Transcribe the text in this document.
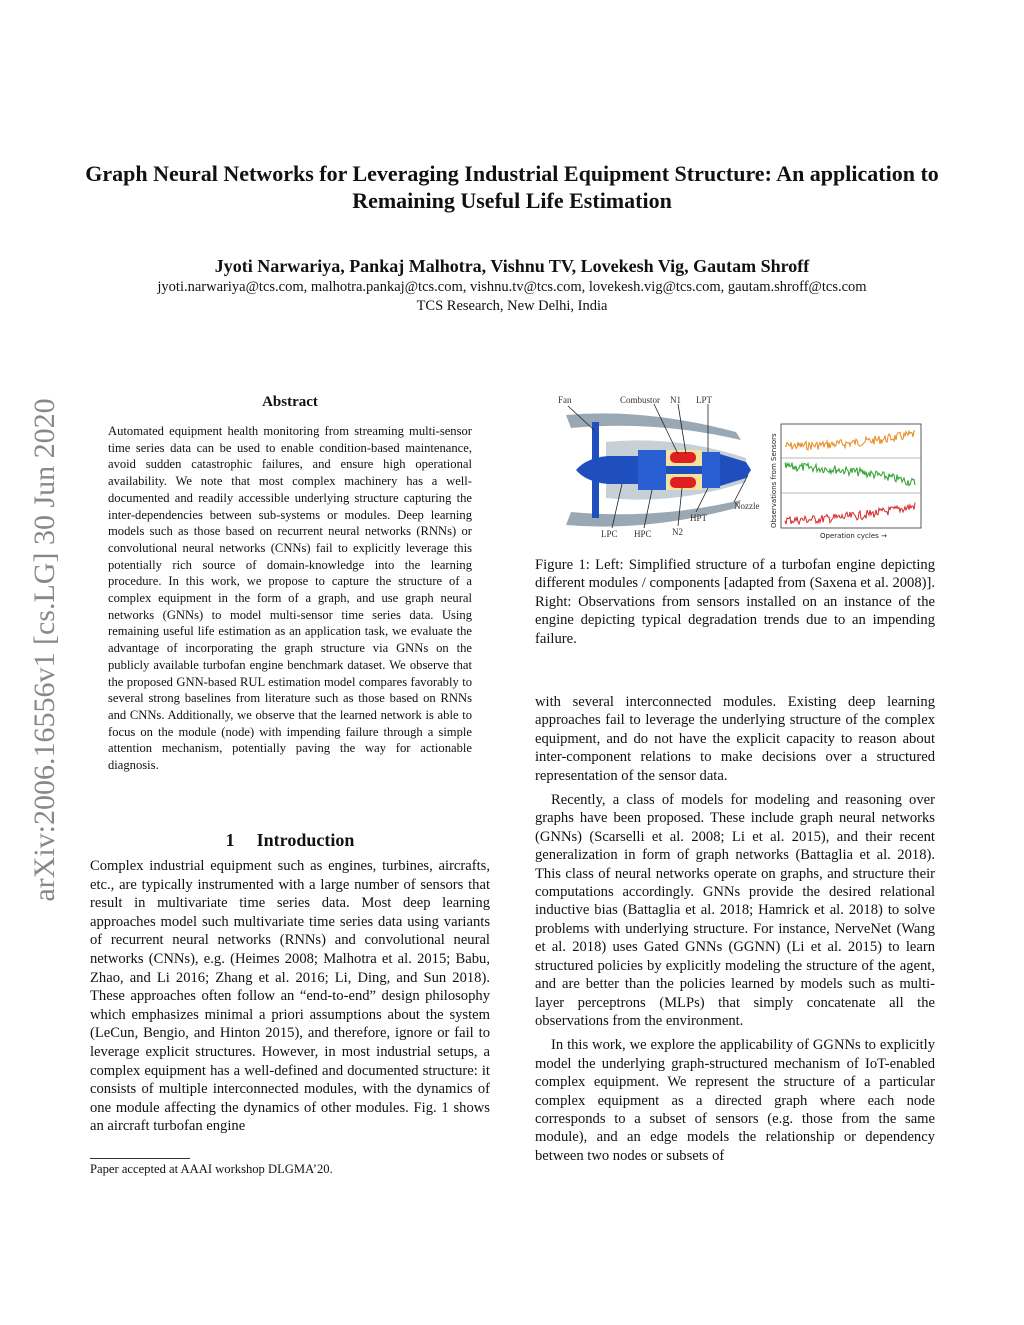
Graph Neural Networks for Leveraging Industrial Equipment Structure: An application to Remaining Useful Life Estimation
Jyoti Narwariya, Pankaj Malhotra, Vishnu TV, Lovekesh Vig, Gautam Shroff
jyoti.narwariya@tcs.com, malhotra.pankaj@tcs.com, vishnu.tv@tcs.com, lovekesh.vig@tcs.com, gautam.shroff@tcs.com
TCS Research, New Delhi, India
arXiv:2006.16556v1 [cs.LG] 30 Jun 2020	Abstract

Automated equipment health monitoring from streaming multi-sensor time series data can be used to enable condition-based maintenance, avoid sudden catastrophic failures, and ensure high operational availability. We note that most complex machinery has a well-documented and readily accessible underlying structure capturing the inter-dependencies between sub-systems or modules. Deep learning models such as those based on recurrent neural networks (RNNs) or convolutional neural networks (CNNs) fail to explicitly leverage this potentially rich source of domain-knowledge into the learning procedure. In this work, we propose to capture the structure of a complex equipment in the form of a graph, and use graph neural networks (GNNs) to model multi-sensor time series data. Using remaining useful life estimation as an application task, we evaluate the advantage of incorporating the graph structure via GNNs on the publicly available turbofan engine benchmark dataset. We observe that the proposed GNN-based RUL estimation model compares favorably to several strong baselines from literature such as those based on RNNs and CNNs. Additionally, we observe that the learned network is able to focus on the module (node) with impending failure through a simple attention mechanism, potentially paving the way for actionable diagnosis.

1 Introduction

Complex industrial equipment such as engines, turbines, aircrafts, etc., are typically instrumented with a large number of sensors that result in multivariate time series data. Most deep learning approaches model such multivariate time series data using variants of recurrent neural networks (RNNs) and convolutional neural networks (CNNs), e.g. (Heimes 2008; Malhotra et al. 2015; Babu, Zhao, and Li 2016; Zhang et al. 2016; Li, Ding, and Sun 2018). These approaches often follow an “end-to-end” design philosophy which emphasizes minimal a priori assumptions about the system (LeCun, Bengio, and Hinton 2015), and therefore, ignore or fail to leverage explicit structures. However, in most industrial setups, a complex equipment has a well-defined and documented structure: it consists of multiple interconnected modules, with the dynamics of one module affecting the dynamics of other modules. Fig. 1 shows an aircraft turbofan engine

Paper accepted at AAAI workshop DLGMA’20.
Fan	Combustor N1 LPT
Nozzle
HPT
LPC HPC N2
Observations from Sensors
Operation cycles →

Figure 1: Left: Simplified structure of a turbofan engine depicting different modules / components [adapted from (Saxena et al. 2008)]. Right: Observations from sensors installed on an instance of the engine depicting typical degradation trends due to an impending failure.

with several interconnected modules. Existing deep learning approaches fail to leverage the underlying structure of the complex equipment, and do not have the explicit capacity to reason about inter-component relations to make decisions over a structured representation of the sensor data.

Recently, a class of models for modeling and reasoning over graphs have been proposed. These include graph neural networks (GNNs) (Scarselli et al. 2008; Li et al. 2015), and their recent generalization in form of graph networks (Battaglia et al. 2018). This class of neural networks operate on graphs, and structure their computations accordingly. GNNs provide the desired relational inductive bias (Battaglia et al. 2018; Hamrick et al. 2018) to solve problems with underlying structure. For instance, NerveNet (Wang et al. 2018) uses Gated GNNs (GGNN) (Li et al. 2015) to learn structured policies by explicitly modeling the structure of the agent, and are better than the policies learned by models such as multi-layer perceptrons (MLPs) that simply concatenate all the observations from the environment.

In this work, we explore the applicability of GGNNs to explicitly model the underlying graph-structured mechanism of IoT-enabled complex equipment. We represent the structure of a particular complex equipment as a directed graph where each node corresponds to a subset of sensors (e.g. those from the same module), and an edge models the relationship or dependency between two nodes or subsets of
